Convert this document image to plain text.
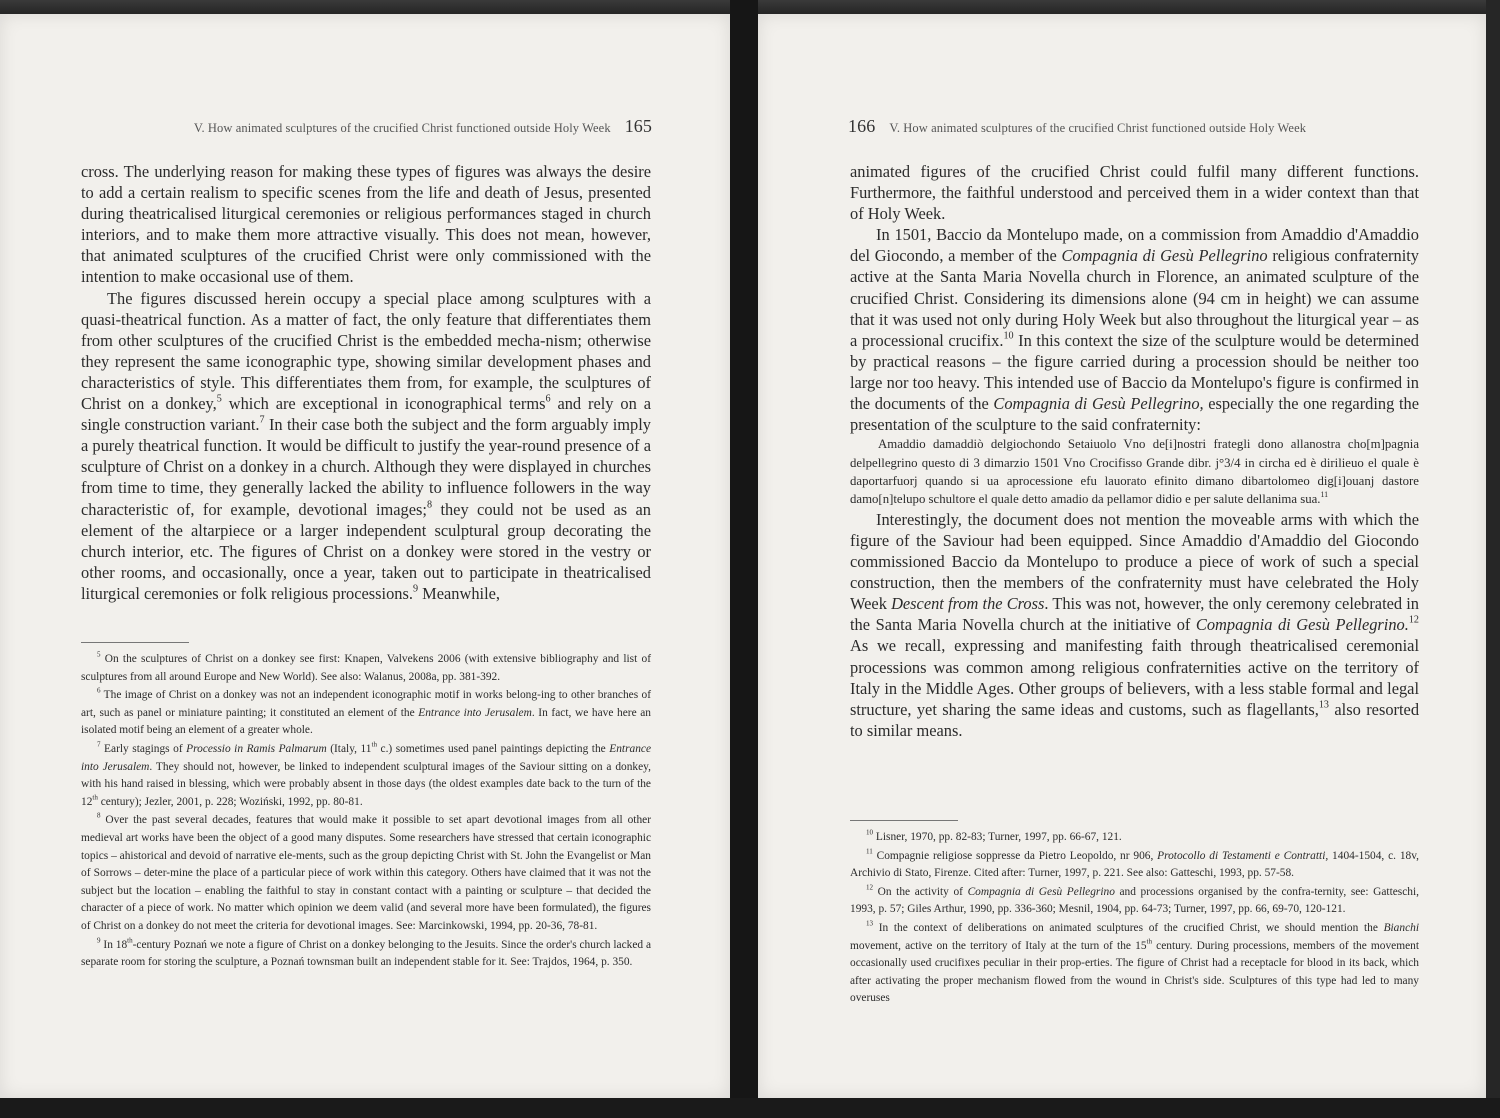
V. How animated sculptures of the crucified Christ functioned outside Holy Week 165

cross. The underlying reason for making these types of figures was always the desire to add a certain realism to specific scenes from the life and death of Jesus, presented during theatricalised liturgical ceremonies or religious performances staged in church interiors, and to make them more attractive visually. This does not mean, however, that animated sculptures of the crucified Christ were only commissioned with the intention to make occasional use of them.

The figures discussed herein occupy a special place among sculptures with a quasi-theatrical function. As a matter of fact, the only feature that differentiates them from other sculptures of the crucified Christ is the embedded mecha-nism; otherwise they represent the same iconographic type, showing similar development phases and characteristics of style. This differentiates them from, for example, the sculptures of Christ on a donkey,$^5$ which are exceptional in iconographical terms$^6$ and rely on a single construction variant.$^7$ In their case both the subject and the form arguably imply a purely theatrical function. It would be difficult to justify the year-round presence of a sculpture of Christ on a donkey in a church. Although they were displayed in churches from time to time, they generally lacked the ability to influence followers in the way characteristic of, for example, devotional images;$^8$ they could not be used as an element of the altarpiece or a larger independent sculptural group decorating the church interior, etc. The figures of Christ on a donkey were stored in the vestry or other rooms, and occasionally, once a year, taken out to participate in theatricalised liturgical ceremonies or folk religious processions.$^9$ Meanwhile,

$^5$ On the sculptures of Christ on a donkey see first: Knapen, Valvekens 2006 (with extensive bibliography and list of sculptures from all around Europe and New World). See also: Walanus, 2008a, pp. 381-392.

$^6$ The image of Christ on a donkey was not an independent iconographic motif in works belong-ing to other branches of art, such as panel or miniature painting; it constituted an element of the Entrance into Jerusalem. In fact, we have here an isolated motif being an element of a greater whole.

$^7$ Early stagings of Processio in Ramis Palmarum (Italy, 11th c.) sometimes used panel paintings depicting the Entrance into Jerusalem. They should not, however, be linked to independent sculptural images of the Saviour sitting on a donkey, with his hand raised in blessing, which were probably absent in those days (the oldest examples date back to the turn of the 12th century); Jezler, 2001, p. 228; Woziński, 1992, pp. 80-81.

$^8$ Over the past several decades, features that would make it possible to set apart devotional images from all other medieval art works have been the object of a good many disputes. Some researchers have stressed that certain iconographic topics – ahistorical and devoid of narrative ele-ments, such as the group depicting Christ with St. John the Evangelist or Man of Sorrows – deter-mine the place of a particular piece of work within this category. Others have claimed that it was not the subject but the location – enabling the faithful to stay in constant contact with a painting or sculpture – that decided the character of a piece of work. No matter which opinion we deem valid (and several more have been formulated), the figures of Christ on a donkey do not meet the criteria for devotional images. See: Marcinkowski, 1994, pp. 20-36, 78-81.

$^9$ In 18th-century Poznań we note a figure of Christ on a donkey belonging to the Jesuits. Since the order's church lacked a separate room for storing the sculpture, a Poznań townsman built an independent stable for it. See: Trajdos, 1964, p. 350.

166 V. How animated sculptures of the crucified Christ functioned outside Holy Week

animated figures of the crucified Christ could fulfil many different functions. Furthermore, the faithful understood and perceived them in a wider context than that of Holy Week.

In 1501, Baccio da Montelupo made, on a commission from Amaddio d'Amaddio del Giocondo, a member of the Compagnia di Gesù Pellegrino religious confraternity active at the Santa Maria Novella church in Florence, an animated sculpture of the crucified Christ. Considering its dimensions alone (94 cm in height) we can assume that it was used not only during Holy Week but also throughout the liturgical year – as a processional crucifix.$^{10}$ In this context the size of the sculpture would be determined by practical reasons – the figure carried during a procession should be neither too large nor too heavy. This intended use of Baccio da Montelupo's figure is confirmed in the documents of the Compagnia di Gesù Pellegrino, especially the one regarding the presentation of the sculpture to the said confraternity:

Amaddio damaddiò delgiochondo Setaiuolo Vno de[i]nostri frategli dono allanostra cho[m]pagnia delpellegrino questo di 3 dimarzio 1501 Vno Crocifisso Grande dibr. j°3/4 in circha ed è dirilieuo el quale è daportarfuorj quando si ua aprocessione efu lauorato efinito dimano dibartolomeo dig[i]ouanj dastore damo[n]telupo schultore el quale detto amadio da pellamor didio e per salute dellanima sua.$^{11}$

Interestingly, the document does not mention the moveable arms with which the figure of the Saviour had been equipped. Since Amaddio d'Amaddio del Giocondo commissioned Baccio da Montelupo to produce a piece of work of such a special construction, then the members of the confraternity must have celebrated the Holy Week Descent from the Cross. This was not, however, the only ceremony celebrated in the Santa Maria Novella church at the initiative of Compagnia di Gesù Pellegrino.$^{12}$ As we recall, expressing and manifesting faith through theatricalised ceremonial processions was common among religious confraternities active on the territory of Italy in the Middle Ages. Other groups of believers, with a less stable formal and legal structure, yet sharing the same ideas and customs, such as flagellants,$^{13}$ also resorted to similar means.

$^{10}$ Lisner, 1970, pp. 82-83; Turner, 1997, pp. 66-67, 121.

$^{11}$ Compagnie religiose soppresse da Pietro Leopoldo, nr 906, Protocollo di Testamenti e Contratti, 1404-1504, c. 18v, Archivio di Stato, Firenze. Cited after: Turner, 1997, p. 221. See also: Gatteschi, 1993, pp. 57-58.

$^{12}$ On the activity of Compagnia di Gesù Pellegrino and processions organised by the confra-ternity, see: Gatteschi, 1993, p. 57; Giles Arthur, 1990, pp. 336-360; Mesnil, 1904, pp. 64-73; Turner, 1997, pp. 66, 69-70, 120-121.

$^{13}$ In the context of deliberations on animated sculptures of the crucified Christ, we should mention the Bianchi movement, active on the territory of Italy at the turn of the 15th century. During processions, members of the movement occasionally used crucifixes peculiar in their prop-erties. The figure of Christ had a receptacle for blood in its back, which after activating the proper mechanism flowed from the wound in Christ's side. Sculptures of this type had led to many overuses
